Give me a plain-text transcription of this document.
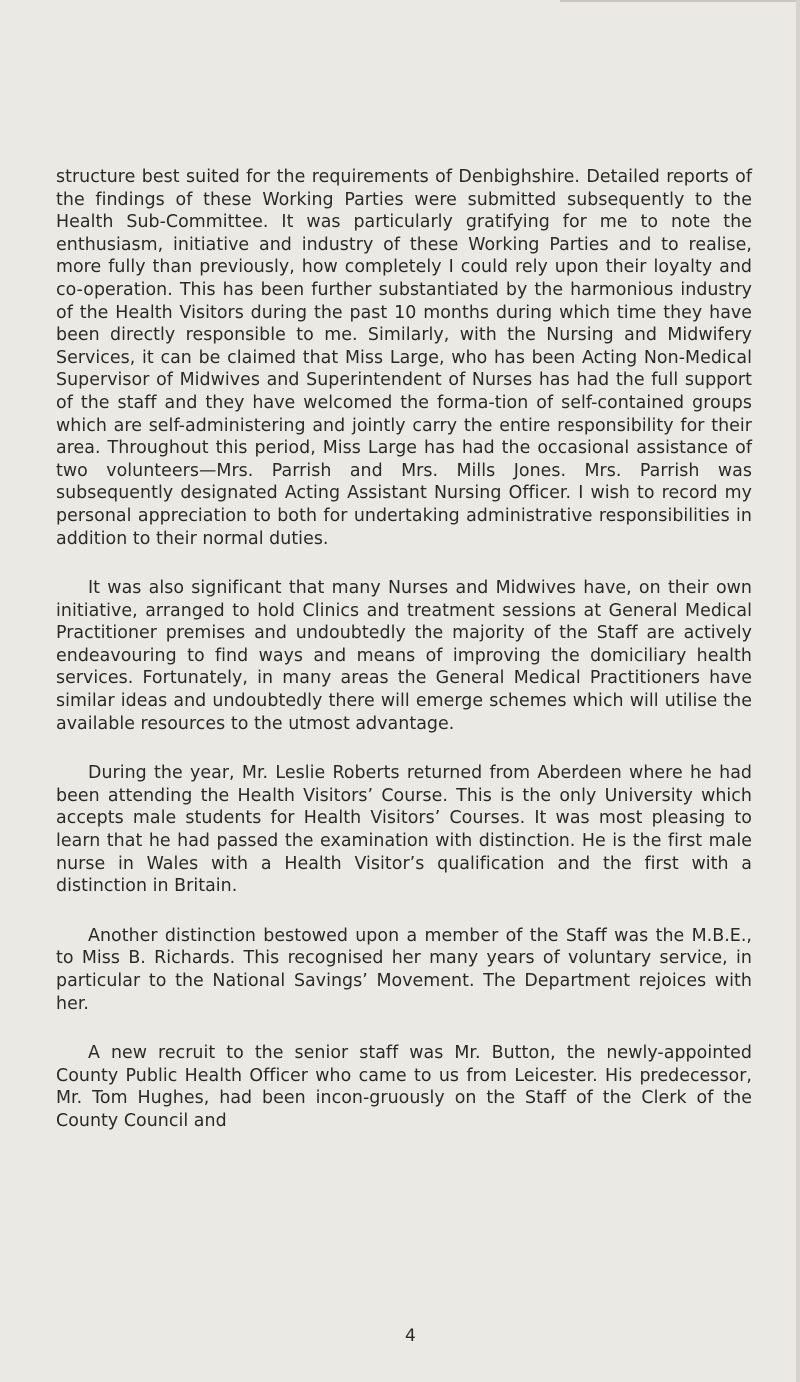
structure best suited for the requirements of Denbighshire. Detailed reports of the findings of these Working Parties were submitted subsequently to the Health Sub-Committee. It was particularly gratifying for me to note the enthusiasm, initiative and industry of these Working Parties and to realise, more fully than previously, how completely I could rely upon their loyalty and co-operation. This has been further substantiated by the harmonious industry of the Health Visitors during the past 10 months during which time they have been directly responsible to me. Similarly, with the Nursing and Midwifery Services, it can be claimed that Miss Large, who has been Acting Non-Medical Supervisor of Midwives and Superintendent of Nurses has had the full support of the staff and they have welcomed the forma-tion of self-contained groups which are self-administering and jointly carry the entire responsibility for their area. Throughout this period, Miss Large has had the occasional assistance of two volunteers—Mrs. Parrish and Mrs. Mills Jones. Mrs. Parrish was subsequently designated Acting Assistant Nursing Officer. I wish to record my personal appreciation to both for undertaking administrative responsibilities in addition to their normal duties.

It was also significant that many Nurses and Midwives have, on their own initiative, arranged to hold Clinics and treatment sessions at General Medical Practitioner premises and undoubtedly the majority of the Staff are actively endeavouring to find ways and means of improving the domiciliary health services. Fortunately, in many areas the General Medical Practitioners have similar ideas and undoubtedly there will emerge schemes which will utilise the available resources to the utmost advantage.

During the year, Mr. Leslie Roberts returned from Aberdeen where he had been attending the Health Visitors’ Course. This is the only University which accepts male students for Health Visitors’ Courses. It was most pleasing to learn that he had passed the examination with distinction. He is the first male nurse in Wales with a Health Visitor’s qualification and the first with a distinction in Britain.

Another distinction bestowed upon a member of the Staff was the M.B.E., to Miss B. Richards. This recognised her many years of voluntary service, in particular to the National Savings’ Movement. The Department rejoices with her.

A new recruit to the senior staff was Mr. Button, the newly-appointed County Public Health Officer who came to us from Leicester. His predecessor, Mr. Tom Hughes, had been incon-gruously on the Staff of the Clerk of the County Council and

4
